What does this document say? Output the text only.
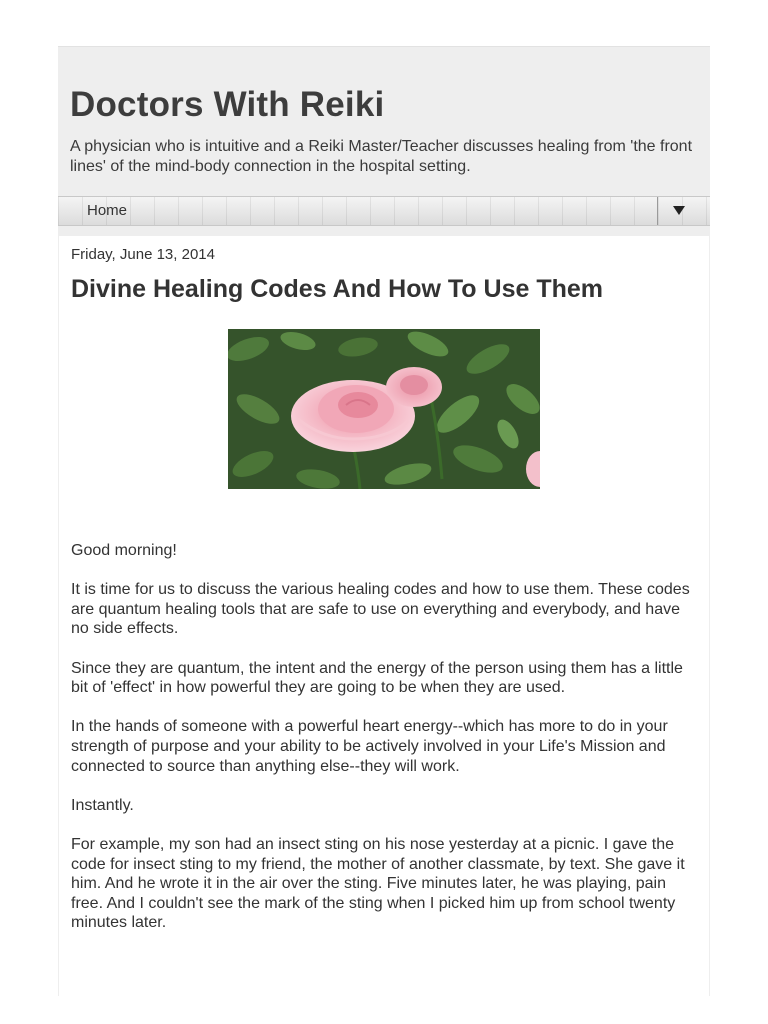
Doctors With Reiki
A physician who is intuitive and a Reiki Master/Teacher discusses healing from 'the front lines' of the mind-body connection in the hospital setting.
Home
Friday, June 13, 2014
Divine Healing Codes And How To Use Them

Good morning!

It is time for us to discuss the various healing codes and how to use them. These codes are quantum healing tools that are safe to use on everything and everybody, and have no side effects.

Since they are quantum, the intent and the energy of the person using them has a little bit of 'effect' in how powerful they are going to be when they are used.

In the hands of someone with a powerful heart energy--which has more to do in your strength of purpose and your ability to be actively involved in your Life's Mission and connected to source than anything else--they will work.

Instantly.

For example, my son had an insect sting on his nose yesterday at a picnic. I gave the code for insect sting to my friend, the mother of another classmate, by text. She gave it him. And he wrote it in the air over the sting. Five minutes later, he was playing, pain free. And I couldn't see the mark of the sting when I picked him up from school twenty minutes later.
